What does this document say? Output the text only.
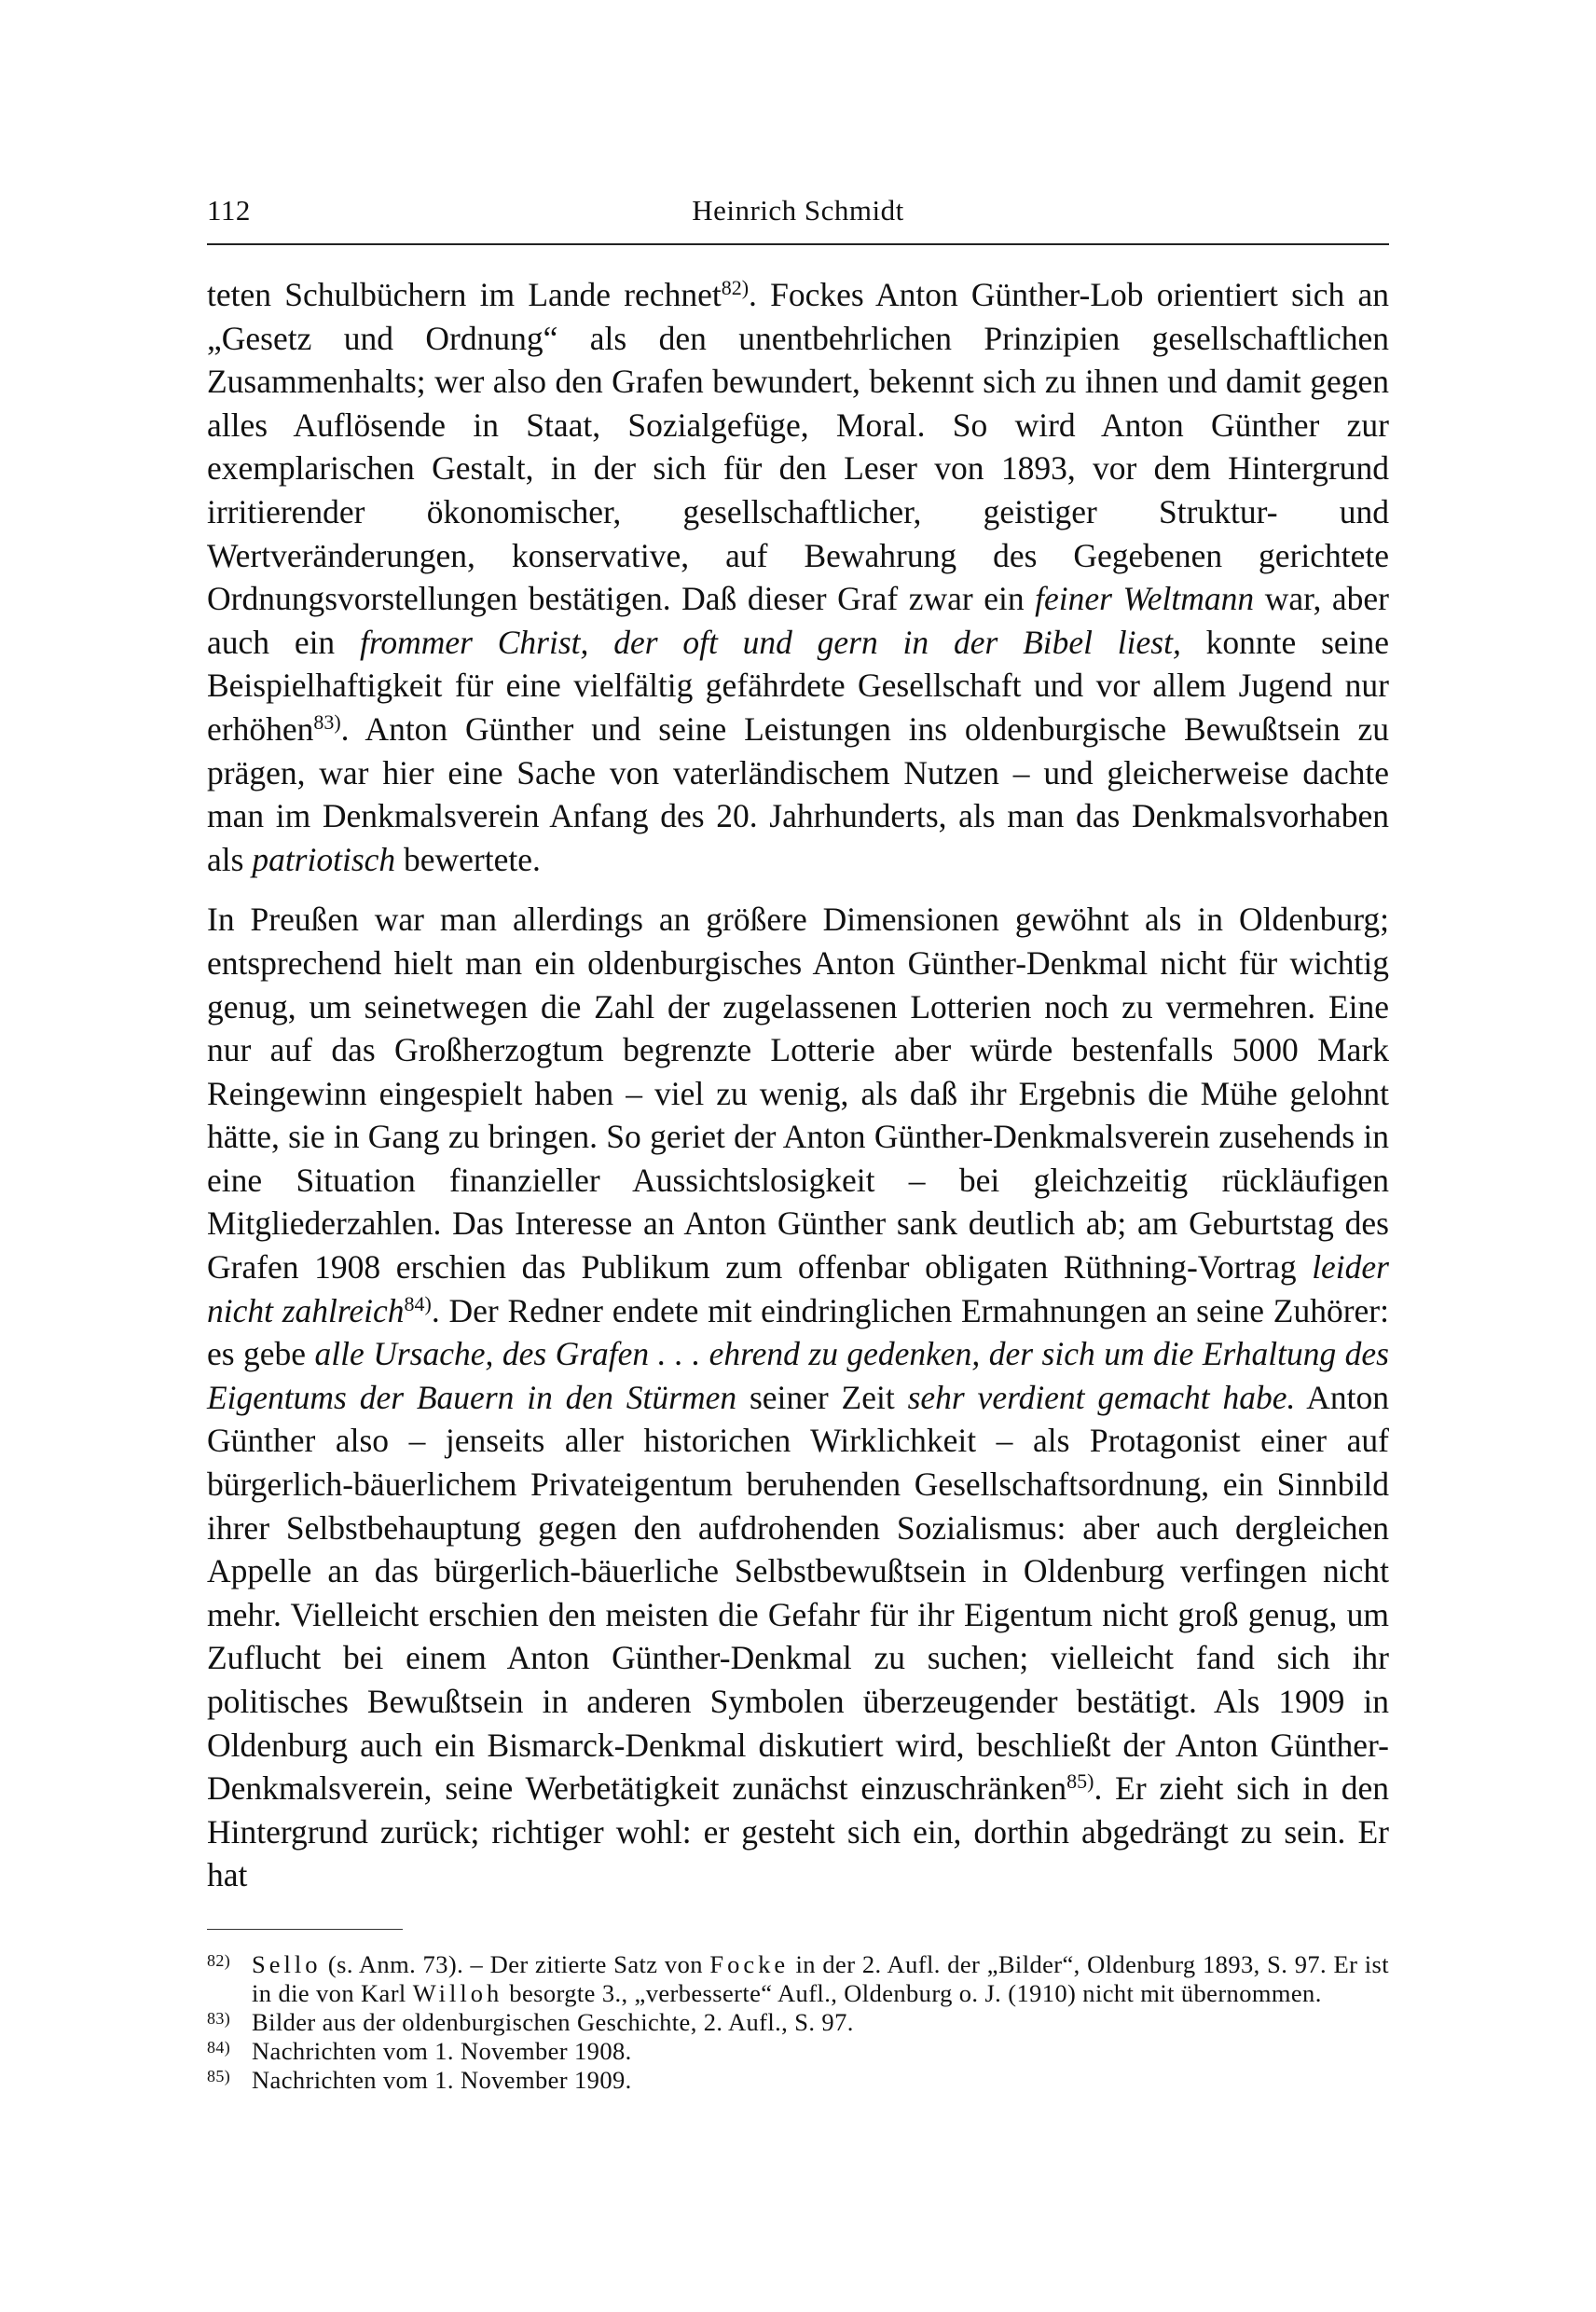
112	Heinrich Schmidt

teten Schulbüchern im Lande rechnet$^{82)}$. Fockes Anton Günther-Lob orientiert sich an „Gesetz und Ordnung“ als den unentbehrlichen Prinzipien gesellschaftlichen Zusammenhalts; wer also den Grafen bewundert, bekennt sich zu ihnen und damit gegen alles Auflösende in Staat, Sozialgefüge, Moral. So wird Anton Günther zur exemplarischen Gestalt, in der sich für den Leser von 1893, vor dem Hintergrund irritierender ökonomischer, gesellschaftlicher, geistiger Struktur- und Wertveränderungen, konservative, auf Bewahrung des Gegebenen gerichtete Ordnungsvorstellungen bestätigen. Daß dieser Graf zwar ein feiner Weltmann war, aber auch ein frommer Christ, der oft und gern in der Bibel liest, konnte seine Beispielhaftigkeit für eine vielfältig gefährdete Gesellschaft und vor allem Jugend nur erhöhen$^{83)}$. Anton Günther und seine Leistungen ins oldenburgische Bewußtsein zu prägen, war hier eine Sache von vaterländischem Nutzen – und gleicherweise dachte man im Denkmalsverein Anfang des 20. Jahrhunderts, als man das Denkmalsvorhaben als patriotisch bewertete.

In Preußen war man allerdings an größere Dimensionen gewöhnt als in Oldenburg; entsprechend hielt man ein oldenburgisches Anton Günther-Denkmal nicht für wichtig genug, um seinetwegen die Zahl der zugelassenen Lotterien noch zu vermehren. Eine nur auf das Großherzogtum begrenzte Lotterie aber würde bestenfalls 5000 Mark Reingewinn eingespielt haben – viel zu wenig, als daß ihr Ergebnis die Mühe gelohnt hätte, sie in Gang zu bringen. So geriet der Anton Günther-Denkmalsverein zusehends in eine Situation finanzieller Aussichtslosigkeit – bei gleichzeitig rückläufigen Mitgliederzahlen. Das Interesse an Anton Günther sank deutlich ab; am Geburtstag des Grafen 1908 erschien das Publikum zum offenbar obligaten Rüthning-Vortrag leider nicht zahlreich$^{84)}$. Der Redner endete mit eindringlichen Ermahnungen an seine Zuhörer: es gebe alle Ursache, des Grafen . . . ehrend zu gedenken, der sich um die Erhaltung des Eigentums der Bauern in den Stürmen seiner Zeit sehr verdient gemacht habe. Anton Günther also – jenseits aller historichen Wirklichkeit – als Protagonist einer auf bürgerlich-bäuerlichem Privateigentum beruhenden Gesellschaftsordnung, ein Sinnbild ihrer Selbstbehauptung gegen den aufdrohenden Sozialismus: aber auch dergleichen Appelle an das bürgerlich-bäuerliche Selbstbewußtsein in Oldenburg verfingen nicht mehr. Vielleicht erschien den meisten die Gefahr für ihr Eigentum nicht groß genug, um Zuflucht bei einem Anton Günther-Denkmal zu suchen; vielleicht fand sich ihr politisches Bewußtsein in anderen Symbolen überzeugender bestätigt. Als 1909 in Oldenburg auch ein Bismarck-Denkmal diskutiert wird, beschließt der Anton Günther-Denkmalsverein, seine Werbetätigkeit zunächst einzuschränken$^{85)}$. Er zieht sich in den Hintergrund zurück; richtiger wohl: er gesteht sich ein, dorthin abgedrängt zu sein. Er hat

82) Sello (s. Anm. 73). – Der zitierte Satz von Focke in der 2. Aufl. der „Bilder“, Oldenburg 1893, S. 97. Er ist in die von Karl Willoh besorgte 3., „verbesserte“ Aufl., Oldenburg o. J. (1910) nicht mit übernommen.
83) Bilder aus der oldenburgischen Geschichte, 2. Aufl., S. 97.
84) Nachrichten vom 1. November 1908.
85) Nachrichten vom 1. November 1909.
